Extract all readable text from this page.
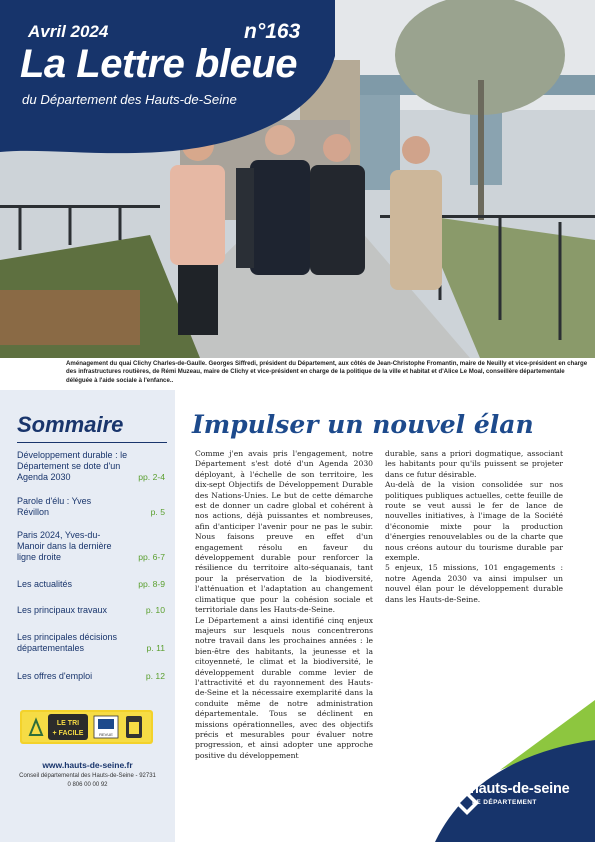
Avril 2024	n°163
La Lettre bleue
du Département des Hauts-de-Seine
Aménagement du quai Clichy Charles-de-Gaulle. Georges Siffredi, président du Département, aux côtés de Jean-Christophe Fromantin, maire de Neuilly et vice-président en charge des infrastructures routières, de Rémi Muzeau, maire de Clichy et vice-président en charge de la politique de la ville et habitat et d'Alice Le Moal, conseillère départementale déléguée à l'aide sociale à l'enfance..
Sommaire
Développement durable : le Département se dote d'un Agenda 2030	pp. 2-4
Parole d'élu : Yves Révillon	p. 5
Paris 2024, Yves-du-Manoir dans la dernière ligne droite	pp. 6-7
Les actualités	pp. 8-9
Les principaux travaux	p. 10
Les principales décisions départementales	p. 11
Les offres d'emploi	p. 12
LE TRI
+ FACILE	REVUE
www.hauts-de-seine.fr
Conseil départemental des Hauts-de-Seine - 92731
0 806 00 00 92
Impulser un nouvel élan

Comme j'en avais pris l'engagement, notre Département s'est doté d'un Agenda 2030 déployant, à l'échelle de son territoire, les dix-sept Objectifs de Développement Durable des Nations-Unies. Le but de cette démarche est de donner un cadre global et cohérent à nos actions, déjà puissantes et nombreuses, afin d'anticiper l'avenir pour ne pas le subir. Nous faisons preuve en effet d'un engagement résolu en faveur du développement durable pour renforcer la résilience du territoire alto-séquanais, tant pour la préservation de la biodiversité, l'atténuation et l'adaptation au changement climatique que pour la cohésion sociale et territoriale dans les Hauts-de-Seine.

Le Département a ainsi identifié cinq enjeux majeurs sur lesquels nous concentrerons notre travail dans les prochaines années : le bien-être des habitants, la jeunesse et la citoyenneté, le climat et la biodiversité, le développement durable comme levier de l'attractivité et du rayonnement des Hauts-de-Seine et la nécessaire exemplarité dans la conduite même de notre administration départementale. Tous se déclinent en missions opérationnelles, avec des objectifs précis et mesurables pour évaluer notre progression, et ainsi adopter une approche positive du développement

durable, sans a priori dogmatique, associant les habitants pour qu'ils puissent se projeter dans ce futur désirable.

Au-delà de la vision consolidée sur nos politiques publiques actuelles, cette feuille de route se veut aussi le fer de lance de nouvelles initiatives, à l'image de la Société d'économie mixte pour la production d'énergies renouvelables ou de la charte que nous créons autour du tourisme durable par exemple.

5 enjeux, 15 missions, 101 engagements : notre Agenda 2030 va ainsi impulser un nouvel élan pour le développement durable dans les Hauts-de-Seine.

hauts-de-seine
LE DÉPARTEMENT
